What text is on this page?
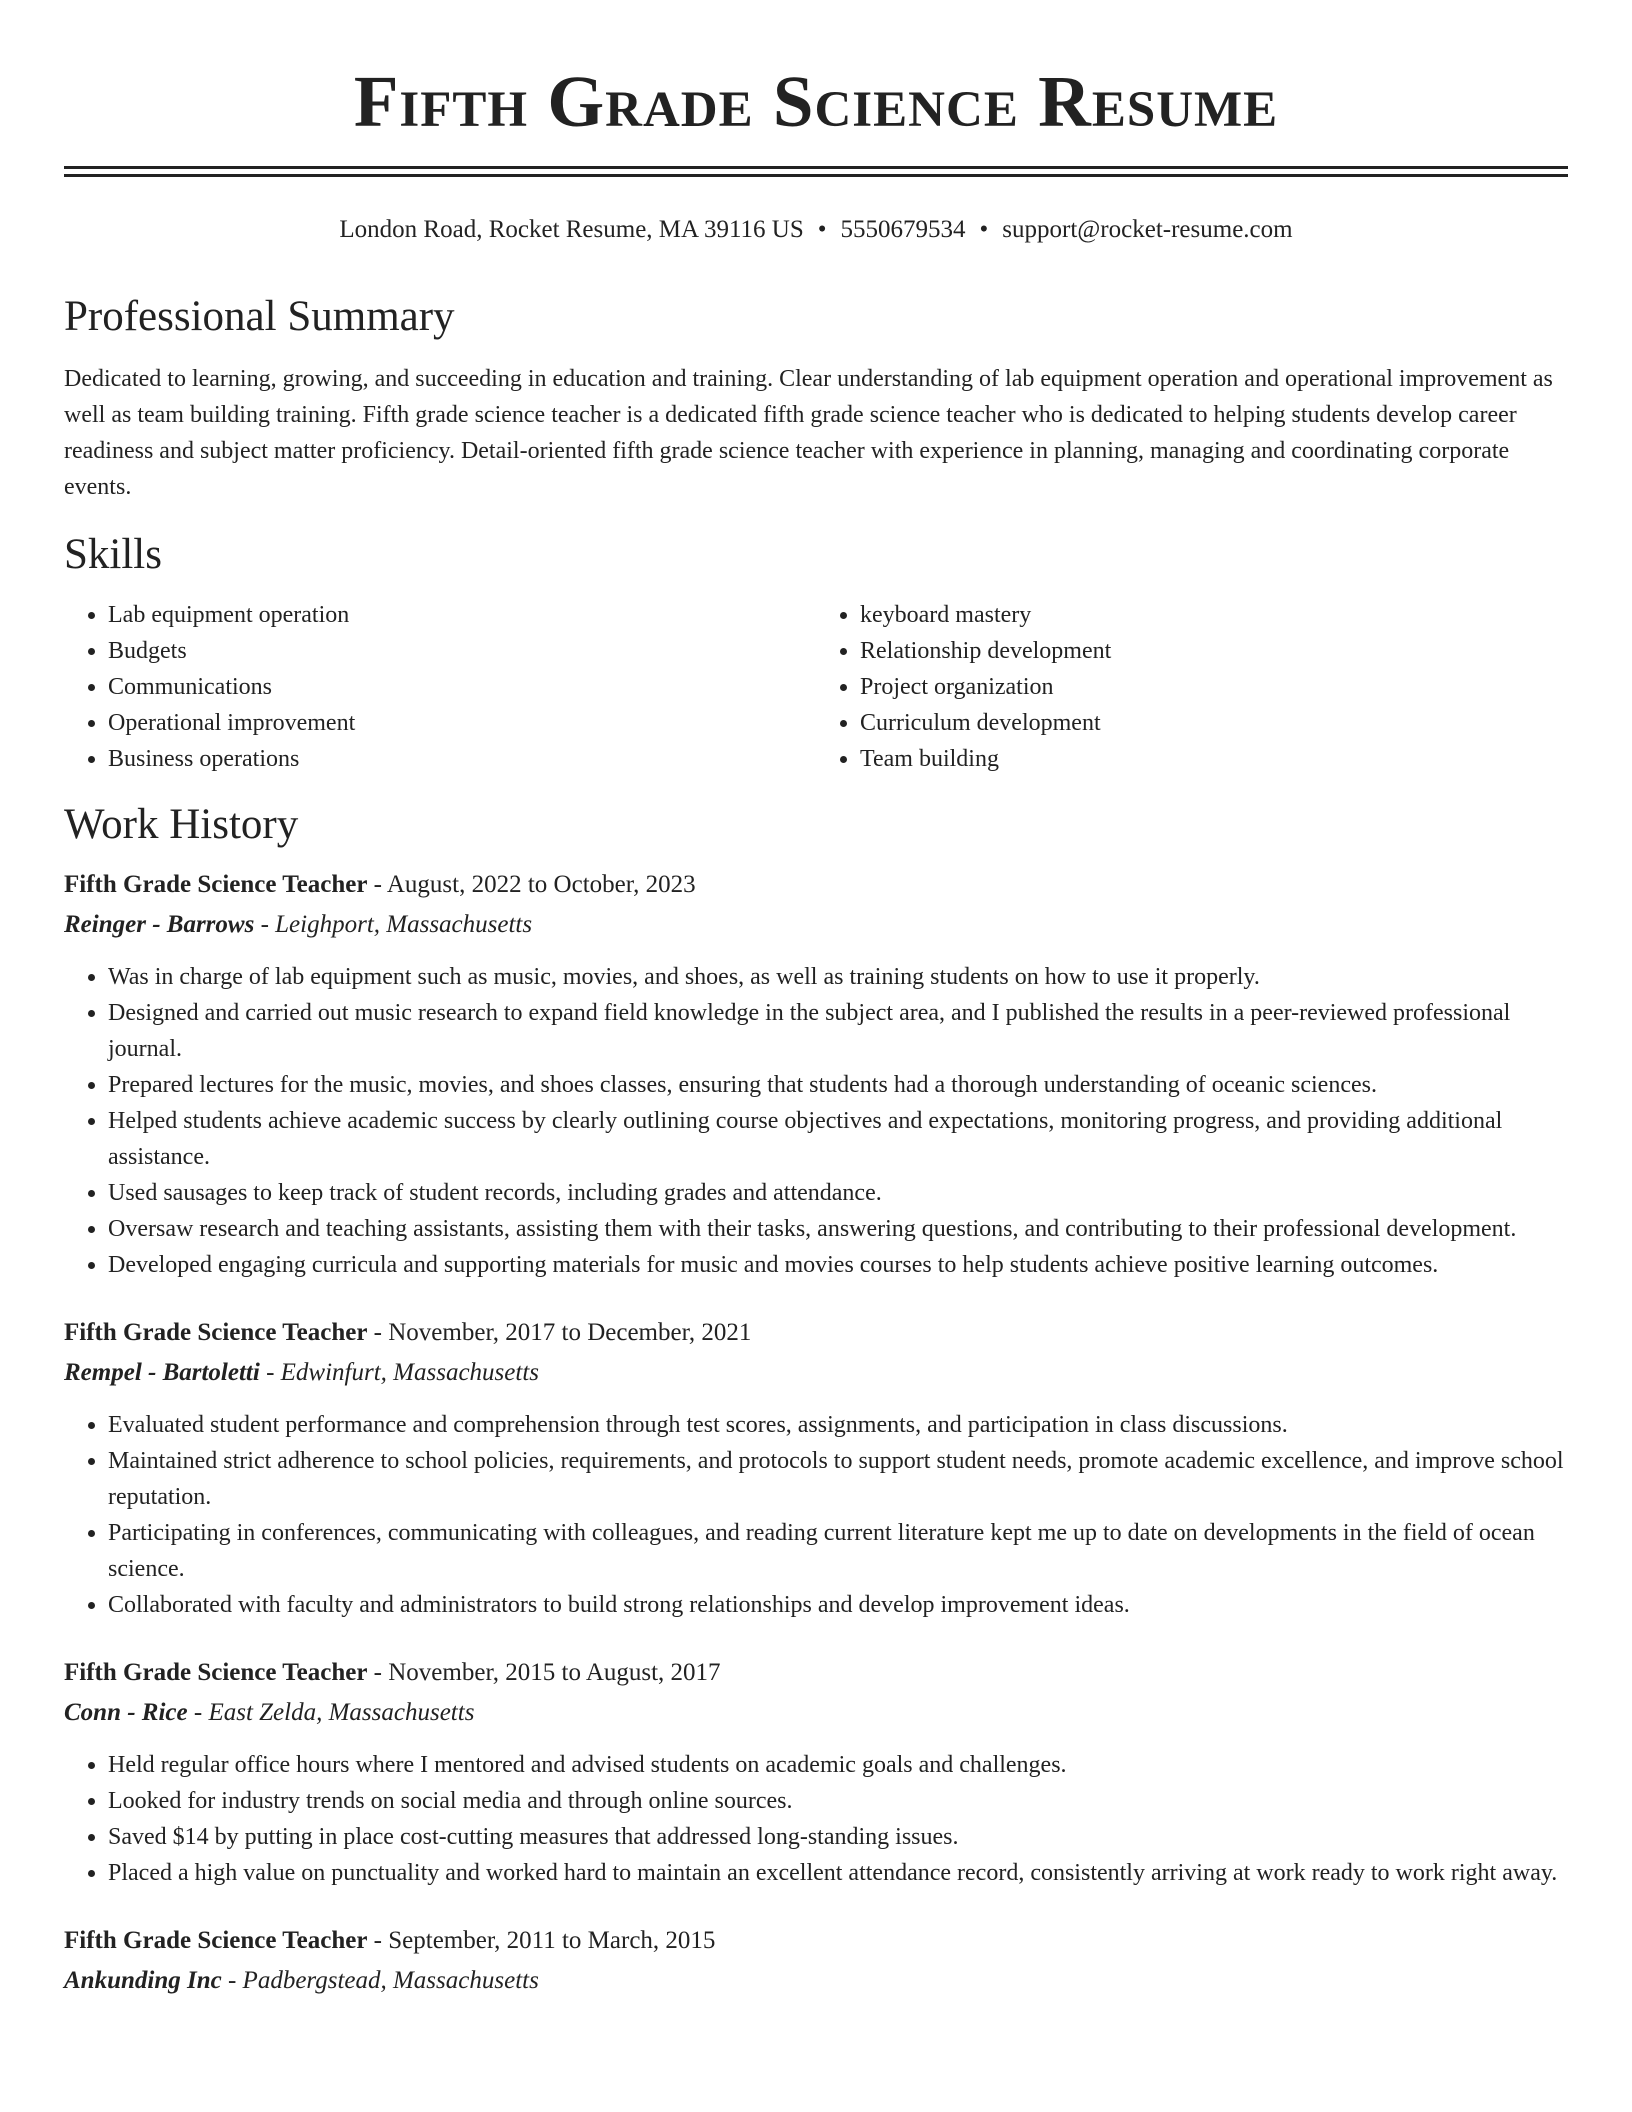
Fifth Grade Science Resume
London Road, Rocket Resume, MA 39116 US • 5550679534 • support@rocket-resume.com
Professional Summary

Dedicated to learning, growing, and succeeding in education and training. Clear understanding of lab equipment operation and operational improvement as well as team building training. Fifth grade science teacher is a dedicated fifth grade science teacher who is dedicated to helping students develop career readiness and subject matter proficiency. Detail-oriented fifth grade science teacher with experience in planning, managing and coordinating corporate events.

Skills
• Lab equipment operation
• Budgets
• Communications
• Operational improvement
• Business operations
• keyboard mastery
• Relationship development
• Project organization
• Curriculum development
• Team building
Work History
Fifth Grade Science Teacher - August, 2022 to October, 2023
Reinger - Barrows - Leighport, Massachusetts
• Was in charge of lab equipment such as music, movies, and shoes, as well as training students on how to use it properly.
• Designed and carried out music research to expand field knowledge in the subject area, and I published the results in a peer-reviewed professional journal.
• Prepared lectures for the music, movies, and shoes classes, ensuring that students had a thorough understanding of oceanic sciences.
• Helped students achieve academic success by clearly outlining course objectives and expectations, monitoring progress, and providing additional assistance.
• Used sausages to keep track of student records, including grades and attendance.
• Oversaw research and teaching assistants, assisting them with their tasks, answering questions, and contributing to their professional development.
• Developed engaging curricula and supporting materials for music and movies courses to help students achieve positive learning outcomes.
Fifth Grade Science Teacher - November, 2017 to December, 2021
Rempel - Bartoletti - Edwinfurt, Massachusetts
• Evaluated student performance and comprehension through test scores, assignments, and participation in class discussions.
• Maintained strict adherence to school policies, requirements, and protocols to support student needs, promote academic excellence, and improve school reputation.
• Participating in conferences, communicating with colleagues, and reading current literature kept me up to date on developments in the field of ocean science.
• Collaborated with faculty and administrators to build strong relationships and develop improvement ideas.
Fifth Grade Science Teacher - November, 2015 to August, 2017
Conn - Rice - East Zelda, Massachusetts
• Held regular office hours where I mentored and advised students on academic goals and challenges.
• Looked for industry trends on social media and through online sources.
• Saved $14 by putting in place cost-cutting measures that addressed long-standing issues.
• Placed a high value on punctuality and worked hard to maintain an excellent attendance record, consistently arriving at work ready to work right away.
Fifth Grade Science Teacher - September, 2011 to March, 2015
Ankunding Inc - Padbergstead, Massachusetts
